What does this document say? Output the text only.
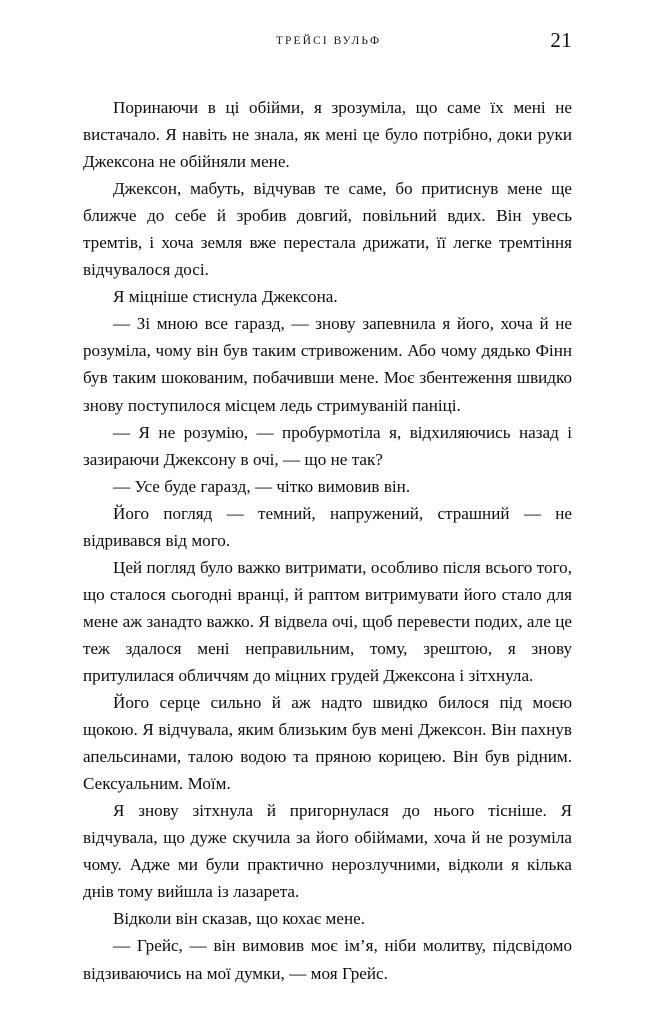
ТРЕЙСІ ВУЛЬФ	21

Поринаючи в ці обійми, я зрозуміла, що саме їх мені не вистачало. Я навіть не знала, як мені це було потрібно, доки руки Джексона не обійняли мене.

Джексон, мабуть, відчував те саме, бо притиснув мене ще ближче до себе й зробив довгий, повільний вдих. Він увесь тремтів, і хоча земля вже перестала дрижати, її легке тремтіння відчувалося досі.

Я міцніше стиснула Джексона.

— Зі мною все гаразд, — знову запевнила я його, хоча й не розуміла, чому він був таким стривоженим. Або чому дядько Фінн був таким шокованим, побачивши мене. Моє збентеження швидко знову поступилося місцем ледь стримуваній паніці.

— Я не розумію, — пробурмотіла я, відхиляючись назад і зазираючи Джексону в очі, — що не так?

— Усе буде гаразд, — чітко вимовив він.

Його погляд — темний, напружений, страшний — не відривався від мого.

Цей погляд було важко витримати, особливо після всього того, що сталося сьогодні вранці, й раптом витримувати його стало для мене аж занадто важко. Я відвела очі, щоб перевести подих, але це теж здалося мені неправильним, тому, зрештою, я знову притулилася обличчям до міцних грудей Джексона і зітхнула.

Його серце сильно й аж надто швидко билося під моєю щокою. Я відчувала, яким близьким був мені Джексон. Він пахнув апельсинами, талою водою та пряною корицею. Він був рідним. Сексуальним. Моїм.

Я знову зітхнула й пригорнулася до нього тісніше. Я відчувала, що дуже скучила за його обіймами, хоча й не розуміла чому. Адже ми були практично нерозлучними, відколи я кілька днів тому вийшла із лазарета.

Відколи він сказав, що кохає мене.

— Грейс, — він вимовив моє ім’я, ніби молитву, підсвідомо відзиваючись на мої думки, — моя Грейс.
